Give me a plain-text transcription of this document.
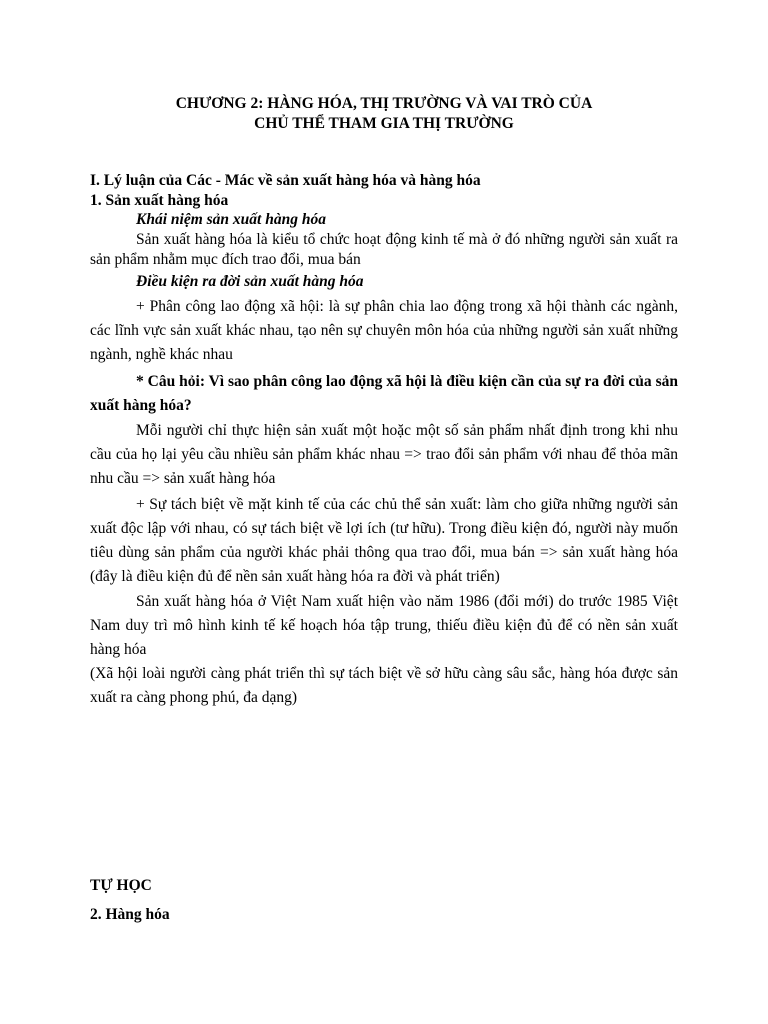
CHƯƠNG 2: HÀNG HÓA, THỊ TRƯỜNG VÀ VAI TRÒ CỦA
CHỦ THỂ THAM GIA THỊ TRƯỜNG
I. Lý luận của Các - Mác về sản xuất hàng hóa và hàng hóa
1. Sản xuất hàng hóa
Khái niệm sản xuất hàng hóa
Sản xuất hàng hóa là kiểu tổ chức hoạt động kinh tế mà ở đó những người sản xuất ra sản phẩm nhằm mục đích trao đổi, mua bán
Điều kiện ra đời sản xuất hàng hóa
+ Phân công lao động xã hội: là sự phân chia lao động trong xã hội thành các ngành, các lĩnh vực sản xuất khác nhau, tạo nên sự chuyên môn hóa của những người sản xuất những ngành, nghề khác nhau
* Câu hỏi: Vì sao phân công lao động xã hội là điều kiện cần của sự ra đời của sản xuất hàng hóa?
Mỗi người chỉ thực hiện sản xuất một hoặc một số sản phẩm nhất định trong khi nhu cầu của họ lại yêu cầu nhiều sản phẩm khác nhau => trao đổi sản phẩm với nhau để thỏa mãn nhu cầu => sản xuất hàng hóa
+ Sự tách biệt về mặt kinh tế của các chủ thể sản xuất: làm cho giữa những người sản xuất độc lập với nhau, có sự tách biệt về lợi ích (tư hữu). Trong điều kiện đó, người này muốn tiêu dùng sản phẩm của người khác phải thông qua trao đổi, mua bán => sản xuất hàng hóa (đây là điều kiện đủ để nền sản xuất hàng hóa ra đời và phát triển)
Sản xuất hàng hóa ở Việt Nam xuất hiện vào năm 1986 (đổi mới) do trước 1985 Việt Nam duy trì mô hình kinh tế kế hoạch hóa tập trung, thiếu điều kiện đủ để có nền sản xuất hàng hóa
(Xã hội loài người càng phát triển thì sự tách biệt về sở hữu càng sâu sắc, hàng hóa được sản xuất ra càng phong phú, đa dạng)
TỰ HỌC
2. Hàng hóa
